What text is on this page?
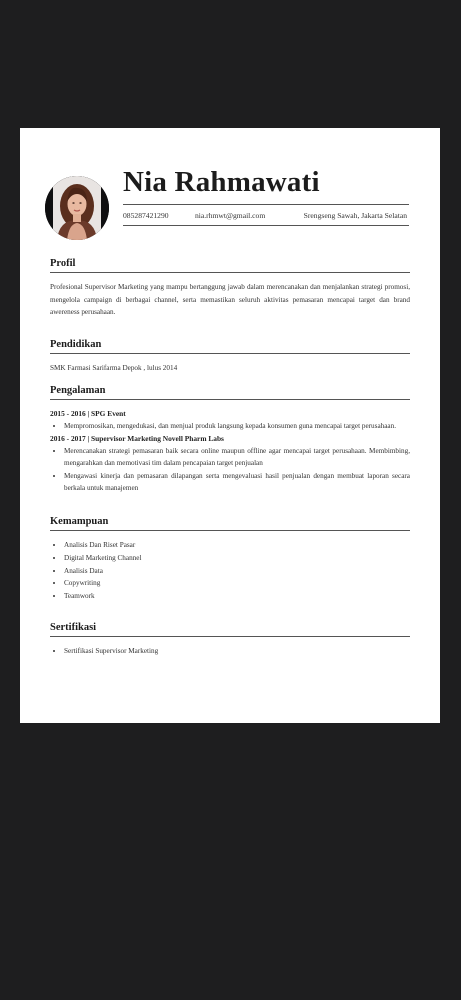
Nia Rahmawati
085287421290	nia.rhmwt@gmail.com	Srengseng Sawah, Jakarta Selatan
Profil
Profesional Supervisor Marketing yang mampu bertanggung jawab dalam merencanakan dan menjalankan strategi promosi, mengelola campaign di berbagai channel, serta memastikan seluruh aktivitas pemasaran mencapai target dan brand awereness perusahaan.
Pendidikan
SMK Farmasi Sarifarma Depok , lulus 2014
Pengalaman
2015 - 2016 | SPG Event
• Mempromosikan, mengedukasi, dan menjual produk langsung kepada konsumen guna mencapai target perusahaan.
2016 - 2017 | Supervisor Marketing Novell Pharm Labs
• Merencanakan strategi pemasaran baik secara online maupun offline agar mencapai target perusahaan. Membimbing, mengarahkan dan memotivasi tim dalam pencapaian target penjualan
• Mengawasi kinerja dan pemasaran dilapangan serta mengevaluasi hasil penjualan dengan membuat laporan secara berkala untuk manajemen
Kemampuan
• Analisis Dan Riset Pasar
• Digital Marketing Channel
• Analisis Data
• Copywriting
• Teamwork
Sertifikasi
• Sertifikasi Supervisor Marketing
